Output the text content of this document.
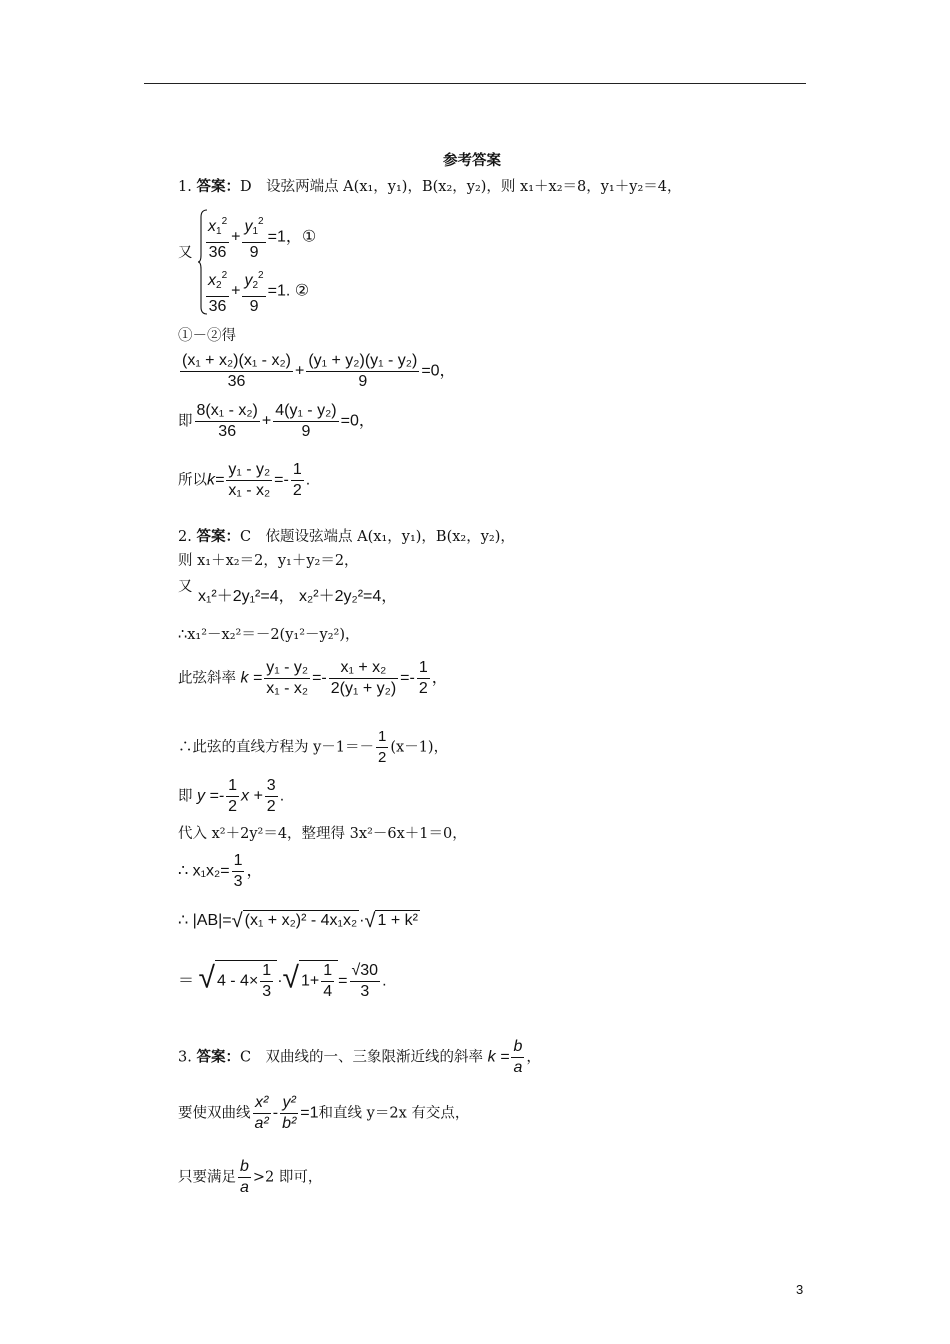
参考答案
1. 答案：D　设弦两端点 A(x₁，y₁)，B(x₂，y₂)，则 x₁＋x₂＝8，y₁＋y₂＝4，
又 $\frac{x_1^2}{36} + \frac{y_1^2}{9} =1$，①
$\frac{x_2^2}{36} + \frac{y_2^2}{9} =1$. ②
①－②得
$\frac{\text{(x₁ + x₂)(x₁ - x₂)}}{36} + \frac{\text{(y₁ + y₂)(y₁ - y₂)}}{9} =0$，
即 $\frac{\text{8(x₁ - x₂)}}{36} + \frac{\text{4(y₁ - y₂)}}{9} =0$，
所以$k= \frac{\text{y₁ - y₂}}{\text{x₁ - x₂}} =- \frac{1}{2}$ .
2. 答案：C　依题设弦端点 A(x₁，y₁)，B(x₂，y₂)，
则 x₁＋x₂＝2，y₁＋y₂＝2，
又
x₁²＋2y₁²=4， x₂²＋2y₂²=4，
∴x₁²－x₂²＝－2(y₁²－y₂²)，
此弦斜率 $k = \frac{\text{y₁ - y₂}}{\text{x₁ - x₂}} =- \frac{\text{x₁ + x₂}}{\text{2(y₁ + y₂)}} =- \frac{1}{2}$ ，
∴此弦的直线方程为 $y-1=- \frac{1}{2} (x-1)$，
即 $y =- \frac{1}{2}$ $x + \frac{3}{2}$ .
代入 x²＋2y²＝4，整理得 3x²－6x＋1＝0，
∴ $x_1x_2= \frac{1}{3}$ ，
∴ |AB|=√ (x₁ + x₂)² - 4x₁x₂ ·√ 1 + k²
＝ √ $4 - 4\times \frac{1}{3}$ ·√ $1+ \frac{1}{4} = \frac{√30}{3}$ .
3. 答案：C　双曲线的一、三象限渐近线的斜率 $k = \frac{b}{a}$ ，
要使双曲线 $\frac{\text{x²}}{\text{a²}} - \frac{\text{y²}}{\text{b²}} =1$和直线 y＝2x 有交点，
只要满足 $\frac{b}{a} >2$ 即可，
3
